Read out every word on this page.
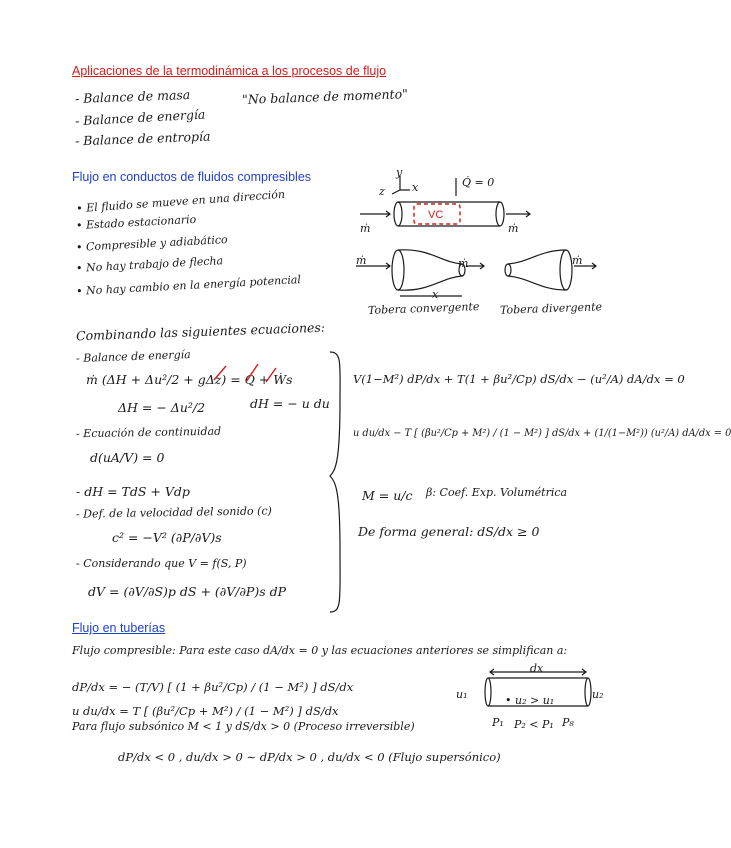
Aplicaciones de la termodinámica a los procesos de flujo
Flujo en conductos de fluidos compresibles
Flujo en tuberías
- Balance de masa
- Balance de energía
- Balance de entropía
"No balance de momento"
• El fluido se mueve en una dirección
• Estado estacionario
• Compresible y adiabático
• No hay trabajo de flecha
• No hay cambio en la energía potencial
y
x
z
Q̇ = 0
VC
ṁ	ṁ
ṁ	ṁ	ṁ
x
Tobera convergente Tobera divergente
Combinando las siguientes ecuaciones:
- Balance de energía
ṁ (ΔH + Δu²/2 + gΔz) = Q̇ + Ẇs
ΔH = − Δu²/2	dH = − u du
- Ecuación de continuidad
d(uA/V) = 0
- dH = TdS + Vdp
- Def. de la velocidad del sonido (c)
c² = −V² (∂P/∂V)s
- Considerando que V = f(S, P)
dV = (∂V/∂S)p dS + (∂V/∂P)s dP
V(1−M²) dP/dx + T(1 + βu²/Cp) dS/dx − (u²/A) dA/dx = 0
u du/dx − T [ (βu²/Cp + M²) / (1 − M²) ] dS/dx + (1/(1−M²)) (u²/A) dA/dx = 0
M = u/c β: Coef. Exp. Volumétrica
De forma general: dS/dx ≥ 0
Flujo compresible: Para este caso dA/dx = 0 y las ecuaciones anteriores se simplifican a:
dP/dx = − (T/V) [ (1 + βu²/Cp) / (1 − M²) ] dS/dx
u du/dx = T [ (βu²/Cp + M²) / (1 − M²) ] dS/dx
Para flujo subsónico M < 1 y dS/dx > 0 (Proceso irreversible)
dP/dx < 0 , du/dx > 0 ∼ dP/dx > 0 , du/dx < 0 (Flujo supersónico)
dx
u₁	u₂
• u₂ > u₁
P₁ P₂ < P₁ P₈
